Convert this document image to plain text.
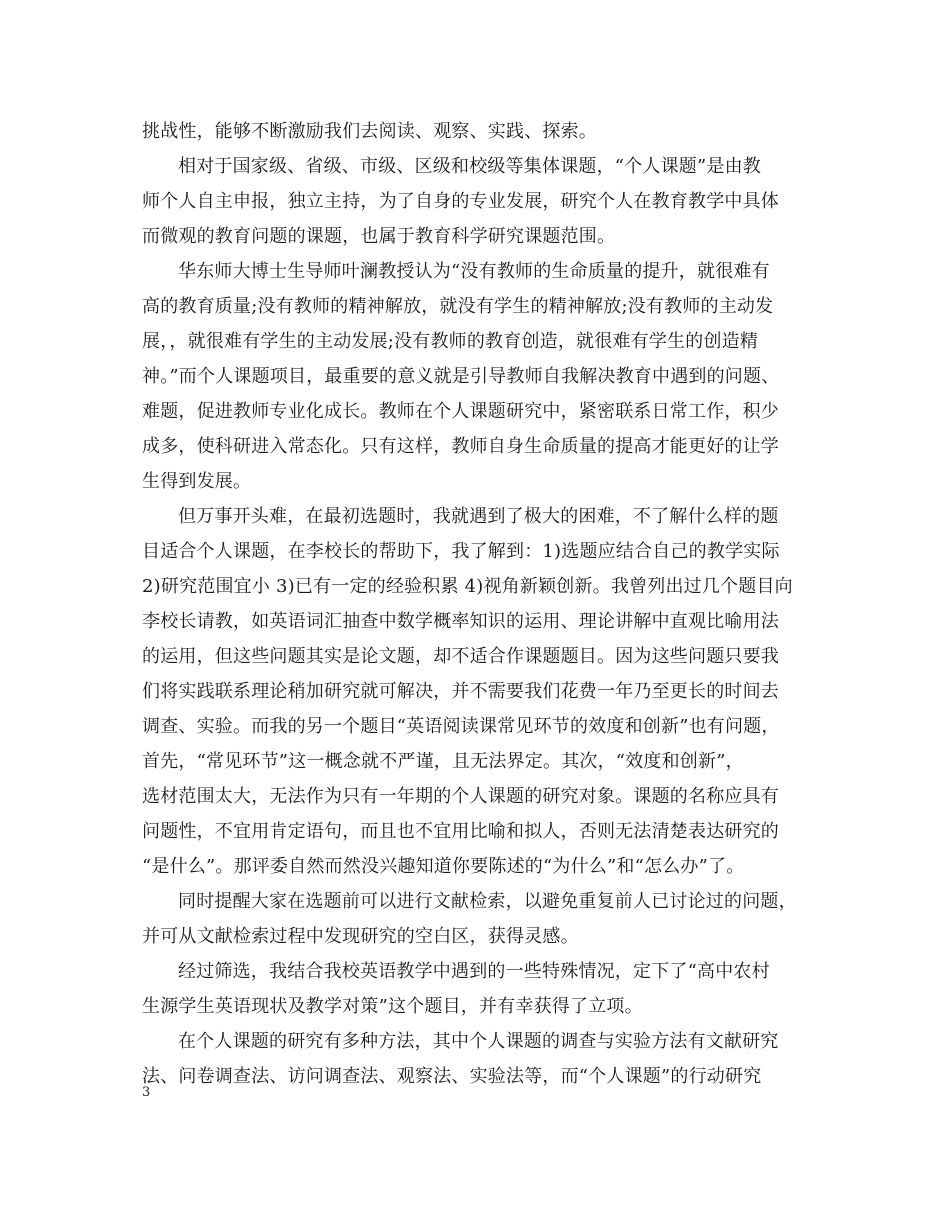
挑战性，能够不断激励我们去阅读、观察、实践、探索。
相对于国家级、省级、市级、区级和校级等集体课题，“个人课题”是由教
师个人自主申报，独立主持，为了自身的专业发展，研究个人在教育教学中具体
而微观的教育问题的课题，也属于教育科学研究课题范围。
华东师大博士生导师叶澜教授认为“没有教师的生命质量的提升，就很难有
高的教育质量;没有教师的精神解放，就没有学生的精神解放;没有教师的主动发
展，，就很难有学生的主动发展;没有教师的教育创造，就很难有学生的创造精
神。”而个人课题项目，最重要的意义就是引导教师自我解决教育中遇到的问题、
难题，促进教师专业化成长。教师在个人课题研究中，紧密联系日常工作，积少
成多，使科研进入常态化。只有这样，教师自身生命质量的提高才能更好的让学
生得到发展。
但万事开头难，在最初选题时，我就遇到了极大的困难，不了解什么样的题
目适合个人课题，在李校长的帮助下，我了解到：1)选题应结合自己的教学实际
2)研究范围宜小 3)已有一定的经验积累 4)视角新颖创新。我曾列出过几个题目向
李校长请教，如英语词汇抽查中数学概率知识的运用、理论讲解中直观比喻用法
的运用，但这些问题其实是论文题，却不适合作课题题目。因为这些问题只要我
们将实践联系理论稍加研究就可解决，并不需要我们花费一年乃至更长的时间去
调查、实验。而我的另一个题目“英语阅读课常见环节的效度和创新”也有问题，
首先，“常见环节”这一概念就不严谨，且无法界定。其次，“效度和创新”，
选材范围太大，无法作为只有一年期的个人课题的研究对象。课题的名称应具有
问题性，不宜用肯定语句，而且也不宜用比喻和拟人，否则无法清楚表达研究的
“是什么”。那评委自然而然没兴趣知道你要陈述的“为什么”和“怎么办”了。
同时提醒大家在选题前可以进行文献检索，以避免重复前人已讨论过的问题，
并可从文献检索过程中发现研究的空白区，获得灵感。
经过筛选，我结合我校英语教学中遇到的一些特殊情况，定下了“高中农村
生源学生英语现状及教学对策”这个题目，并有幸获得了立项。
在个人课题的研究有多种方法，其中个人课题的调查与实验方法有文献研究
法、问卷调查法、访问调查法、观察法、实验法等，而“个人课题”的行动研究
3
